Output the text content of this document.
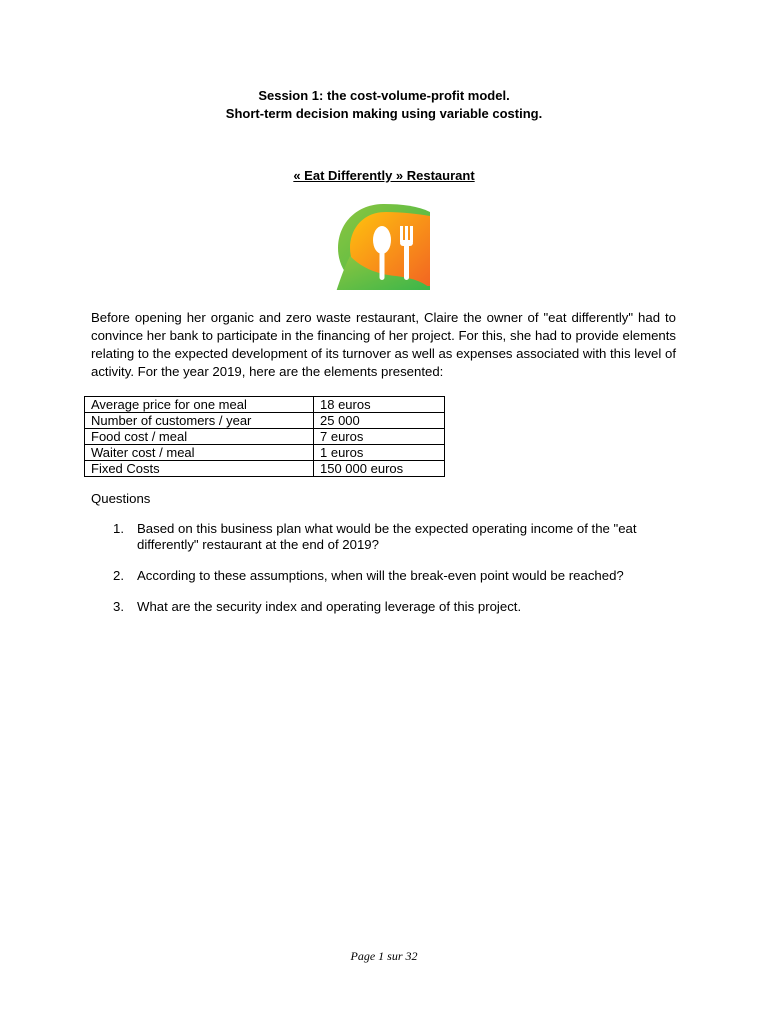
Session 1: the cost-volume-profit model.
Short-term decision making using variable costing.
« Eat Differently » Restaurant

Before opening her organic and zero waste restaurant, Claire the owner of "eat differently" had to convince her bank to participate in the financing of her project. For this, she had to provide elements relating to the expected development of its turnover as well as expenses associated with this level of activity. For the year 2019, here are the elements presented:

Average price for one meal	18 euros
Number of customers / year	25 000
Food cost / meal	7 euros
Waiter cost / meal	1 euros
Fixed Costs	150 000 euros
Questions
1. Based on this business plan what would be the expected operating income of the "eat differently" restaurant at the end of 2019?
2. According to these assumptions, when will the break-even point would be reached?
3. What are the security index and operating leverage of this project.
Page 1 sur 32
